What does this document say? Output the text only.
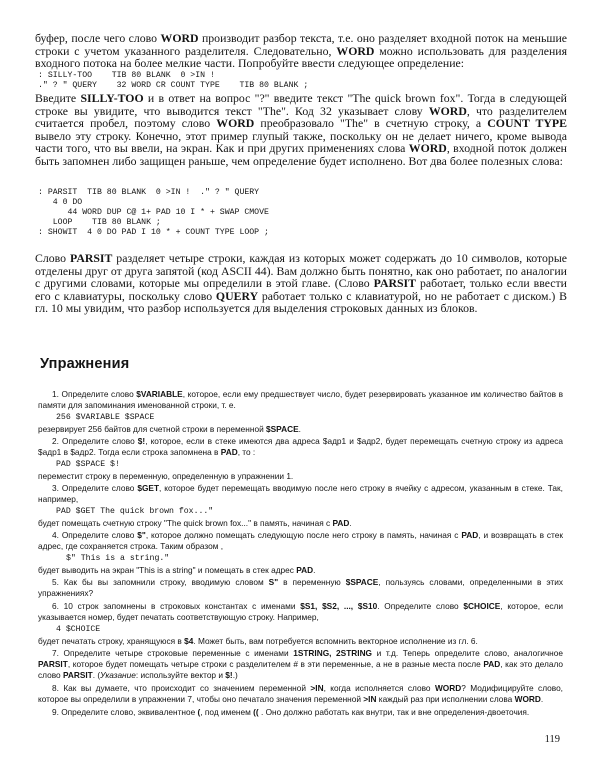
буфер, после чего слово WORD производит разбор текста, т.е. оно разделяет входной поток на меньшие строки с учетом указанного разделителя. Следовательно, WORD можно использовать для разделения входного потока на более мелкие части. Попробуйте ввести следующее определение:
: SILLY-TOO    TIB 80 BLANK  0 >IN !
." ? " QUERY    32 WORD CR COUNT TYPE    TIB 80 BLANK ;
Введите SILLY-TOO и в ответ на вопрос "?" введите текст "The quick brown fox". Тогда в следующей строке вы увидите, что выводится текст "The". Код 32 указывает слову WORD, что разделителем считается пробел, поэтому слово WORD преобразовало "The" в счетную строку, а COUNT TYPE вывело эту строку. Конечно, этот пример глупый также, поскольку он не делает ничего, кроме вывода части того, что вы ввели, на экран. Как и при других применениях слова WORD, входной поток должен быть запомнен либо защищен раньше, чем определение будет исполнено. Вот два более полезных слова:
: PARSIT  TIB 80 BLANK  0 >IN !  ." ? " QUERY
4 0 DO
44 WORD DUP C@ 1+ PAD 10 I * + SWAP CMOVE
LOOP    TIB 80 BLANK ;
: SHOWIT  4 0 DO PAD I 10 * + COUNT TYPE LOOP ;
Слово PARSIT разделяет четыре строки, каждая из которых может содержать до 10 символов, которые отделены друг от друга запятой (код ASCII 44). Вам должно быть понятно, как оно работает, по аналогии с другими словами, которые мы определили в этой главе. (Слово PARSIT работает, только если ввести его с клавиатуры, поскольку слово QUERY работает только с клавиатурой, но не работает с диском.) В гл. 10 мы увидим, что разбор используется для выделения строковых данных из блоков.
Упражнения
1. Определите слово $VARIABLE, которое, если ему предшествует число, будет резервировать указанное им количество байтов в памяти для запоминания именованной строки, т. е.
256 $VARIABLE $SPACE
резервирует 256 байтов для счетной строки в переменной $SPACE.
2. Определите слово $!, которое, если в стеке имеются два адреса $адр1 и $адр2, будет перемещать счетную строку из адреса $адр1 в $адр2. Тогда если строка запомнена в PAD, то :
PAD $SPACE $!
переместит строку в переменную, определенную в упражнении 1.
3. Определите слово $GET, которое будет перемещать вводимую после него строку в ячейку с адресом, указанным в стеке. Так, например,
PAD $GET The quick brown fox..."
будет помещать счетную строку "The quick brown fox..." в память, начиная с PAD.
4. Определите слово $", которое должно помещать следующую после него строку в память, начиная с PAD, и возвращать в стек адрес, где сохраняется строка. Таким образом ,
$" This is a string."
будет выводить на экран "This is a string" и помещать в стек адрес PAD.
5. Как бы вы запомнили строку, вводимую словом S" в переменную $SPACE, пользуясь словами, определенными в этих упражнениях?
6. 10 строк запомнены в строковых константах с именами $S1, $S2, ..., $S10. Определите слово $CHOICE, которое, если указывается номер, будет печатать соответствующую строку. Например,
4 $CHOICE
будет печатать строку, хранящуюся в $4. Может быть, вам потребуется вспомнить векторное исполнение из гл. 6.
7. Определите четыре строковые переменные с именами 1STRING, 2STRING и т.д. Теперь определите слово, аналогичное PARSIT, которое будет помещать четыре строки с разделителем # в эти переменные, а не в разные места после PAD, как это делало слово PARSIT. (Указание: используйте вектор и $!.)
8. Как вы думаете, что происходит со значением переменной >IN, когда исполняется слово WORD? Модифицируйте слово, которое вы определили в упражнении 7, чтобы оно печатало значения переменной >IN каждый раз при исполнении слова WORD.
9. Определите слово, эквивалентное (, под именем (( . Оно должно работать как внутри, так и вне определения-двоеточия.
119
